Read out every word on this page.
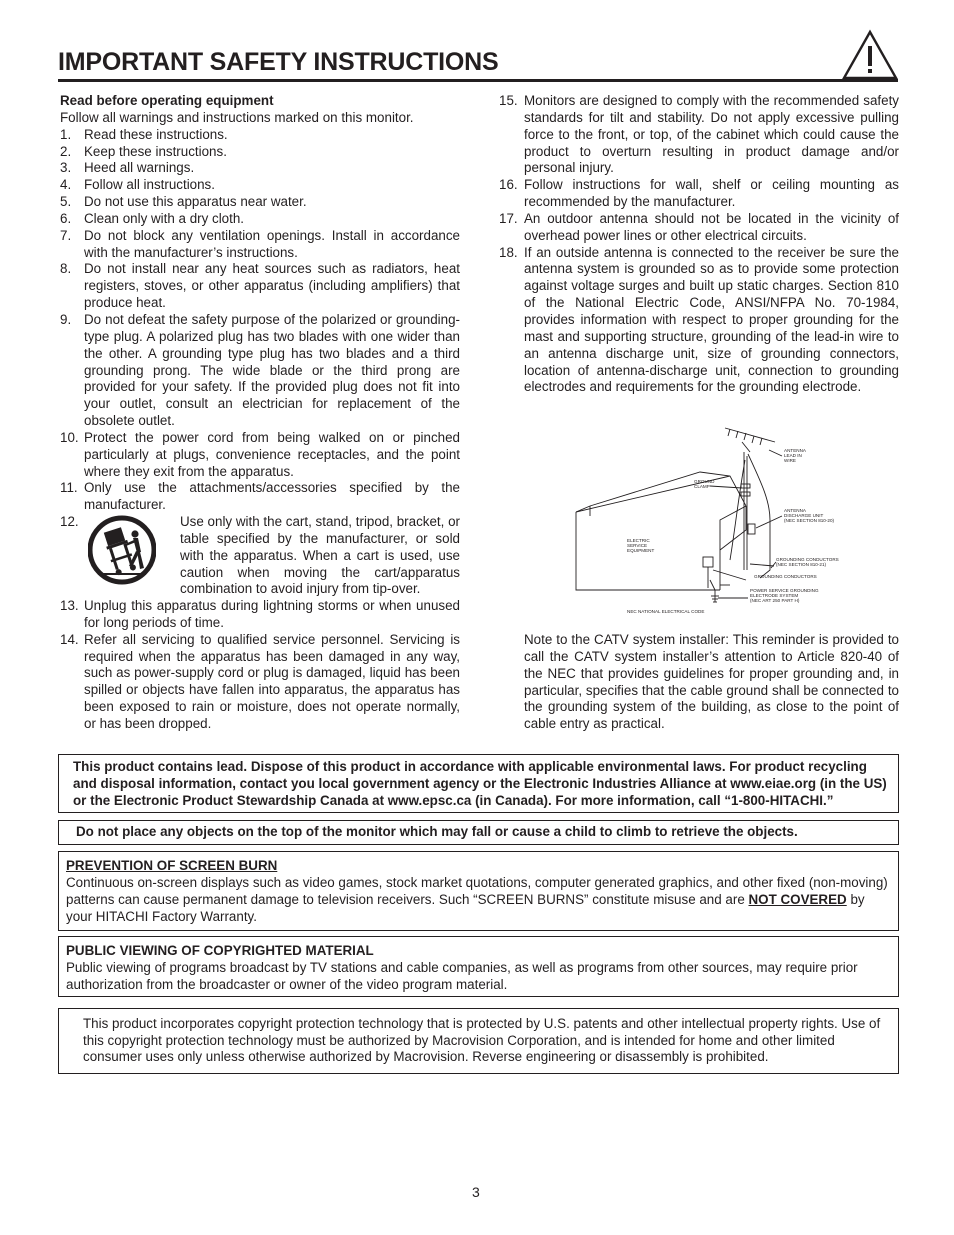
IMPORTANT SAFETY INSTRUCTIONS
Read before operating equipment
Follow all warnings and instructions marked on this monitor.
1. Read these instructions.
2. Keep these instructions.
3. Heed all warnings.
4. Follow all instructions.
5. Do not use this apparatus near water.
6. Clean only with a dry cloth.
7. Do not block any ventilation openings. Install in accordance with the manufacturer’s instructions.
8. Do not install near any heat sources such as radiators, heat registers, stoves, or other apparatus (including amplifiers) that produce heat.
9. Do not defeat the safety purpose of the polarized or grounding-type plug. A polarized plug has two blades with one wider than the other. A grounding type plug has two blades and a third grounding prong. The wide blade or the third prong are provided for your safety. If the provided plug does not fit into your outlet, consult an electrician for replacement of the obsolete outlet.
10. Protect the power cord from being walked on or pinched particularly at plugs, convenience receptacles, and the point where they exit from the apparatus.
11. Only use the attachments/accessories specified by the manufacturer.
12.	Use only with the cart, stand, tripod, bracket, or table specified by the manufacturer, or sold with the apparatus. When a cart is used, use caution when moving the cart/apparatus combination to avoid injury from tip-over.
13. Unplug this apparatus during lightning storms or when unused for long periods of time.
14. Refer all servicing to qualified service personnel. Servicing is required when the apparatus has been damaged in any way, such as power-supply cord or plug is damaged, liquid has been spilled or objects have fallen into apparatus, the apparatus has been exposed to rain or moisture, does not operate normally, or has been dropped.
15. Monitors are designed to comply with the recommended safety standards for tilt and stability. Do not apply excessive pulling force to the front, or top, of the cabinet which could cause the product to overturn resulting in product damage and/or personal injury.
16. Follow instructions for wall, shelf or ceiling mounting as recommended by the manufacturer.
17. An outdoor antenna should not be located in the vicinity of overhead power lines or other electrical circuits.
18. If an outside antenna is connected to the receiver be sure the antenna system is grounded so as to provide some protection against voltage surges and built up static charges. Section 810 of the National Electric Code, ANSI/NFPA No. 70-1984, provides information with respect to proper grounding for the mast and supporting structure, grounding of the lead-in wire to an antenna discharge unit, size of grounding connectors, location of antenna-discharge unit, connection to grounding electrodes and requirements for the grounding electrode.
ANTENNA
LEAD IN
WIRE
GROUND
CLAMP
ANTENNA
DISCHARGE UNIT
(NEC SECTION 810-20)
ELECTRIC
SERVICE
EQUIPMENT
GROUNDING CONDUCTORS
(NEC SECTION 810-21)
GROUNDING CONDUCTORS
POWER SERVICE GROUNDING
ELECTRODE SYSTEM
(NEC ART 250 PART H)
NEC NATIONAL ELECTRICAL CODE
Note to the CATV system installer: This reminder is provided to call the CATV system installer’s attention to Article 820-40 of the NEC that provides guidelines for proper grounding and, in particular, specifies that the cable ground shall be connected to the grounding system of the building, as close to the point of cable entry as practical.
This product contains lead. Dispose of this product in accordance with applicable environmental laws. For product recycling and disposal information, contact you local government agency or the Electronic Industries Alliance at www.eiae.org (in the US) or the Electronic Product Stewardship Canada at www.epsc.ca (in Canada). For more information, call “1-800-HITACHI.”
Do not place any objects on the top of the monitor which may fall or cause a child to climb to retrieve the objects.
PREVENTION OF SCREEN BURN
Continuous on-screen displays such as video games, stock market quotations, computer generated graphics, and other fixed (non-moving) patterns can cause permanent damage to television receivers. Such “SCREEN BURNS” constitute misuse and are NOT COVERED by your HITACHI Factory Warranty.
PUBLIC VIEWING OF COPYRIGHTED MATERIAL
Public viewing of programs broadcast by TV stations and cable companies, as well as programs from other sources, may require prior authorization from the broadcaster or owner of the video program material.
This product incorporates copyright protection technology that is protected by U.S. patents and other intellectual property rights. Use of this copyright protection technology must be authorized by Macrovision Corporation, and is intended for home and other limited consumer uses only unless otherwise authorized by Macrovision. Reverse engineering or disassembly is prohibited.
3
